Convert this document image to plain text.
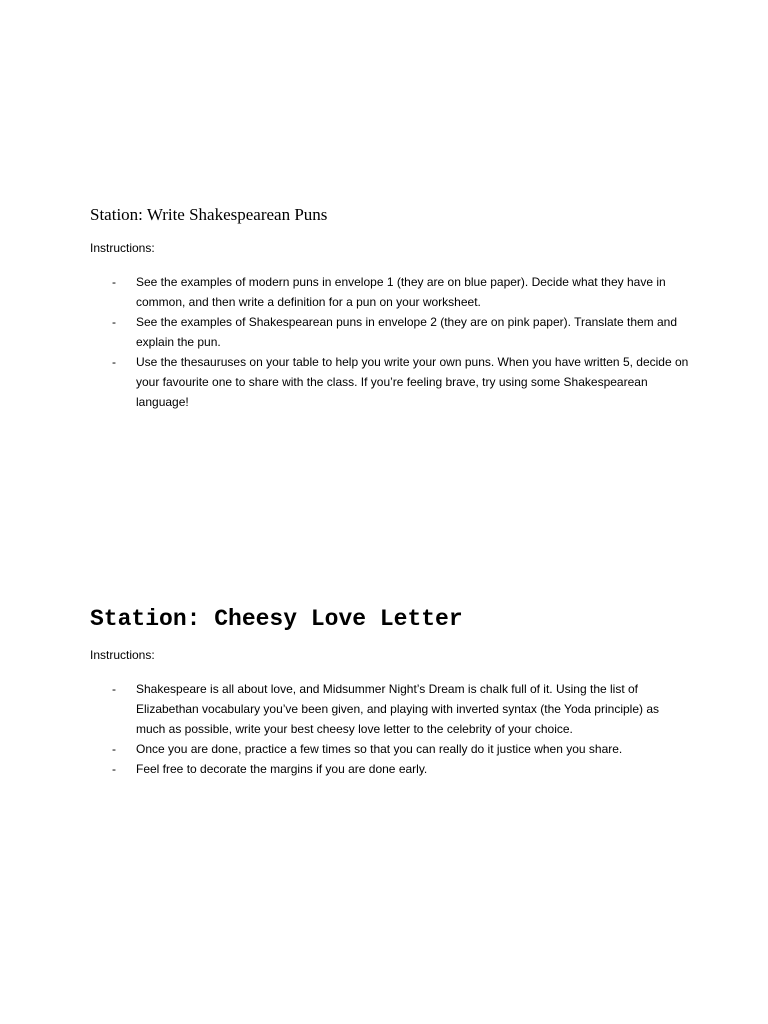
Station: Write Shakespearean Puns

Instructions:

- See the examples of modern puns in envelope 1 (they are on blue paper). Decide what they have in common, and then write a definition for a pun on your worksheet.
- See the examples of Shakespearean puns in envelope 2 (they are on pink paper). Translate them and explain the pun.
- Use the thesauruses on your table to help you write your own puns. When you have written 5, decide on your favourite one to share with the class. If you’re feeling brave, try using some Shakespearean language!
Station: Cheesy Love Letter

Instructions:

- Shakespeare is all about love, and Midsummer Night’s Dream is chalk full of it. Using the list of Elizabethan vocabulary you’ve been given, and playing with inverted syntax (the Yoda principle) as much as possible, write your best cheesy love letter to the celebrity of your choice.
- Once you are done, practice a few times so that you can really do it justice when you share.
- Feel free to decorate the margins if you are done early.
